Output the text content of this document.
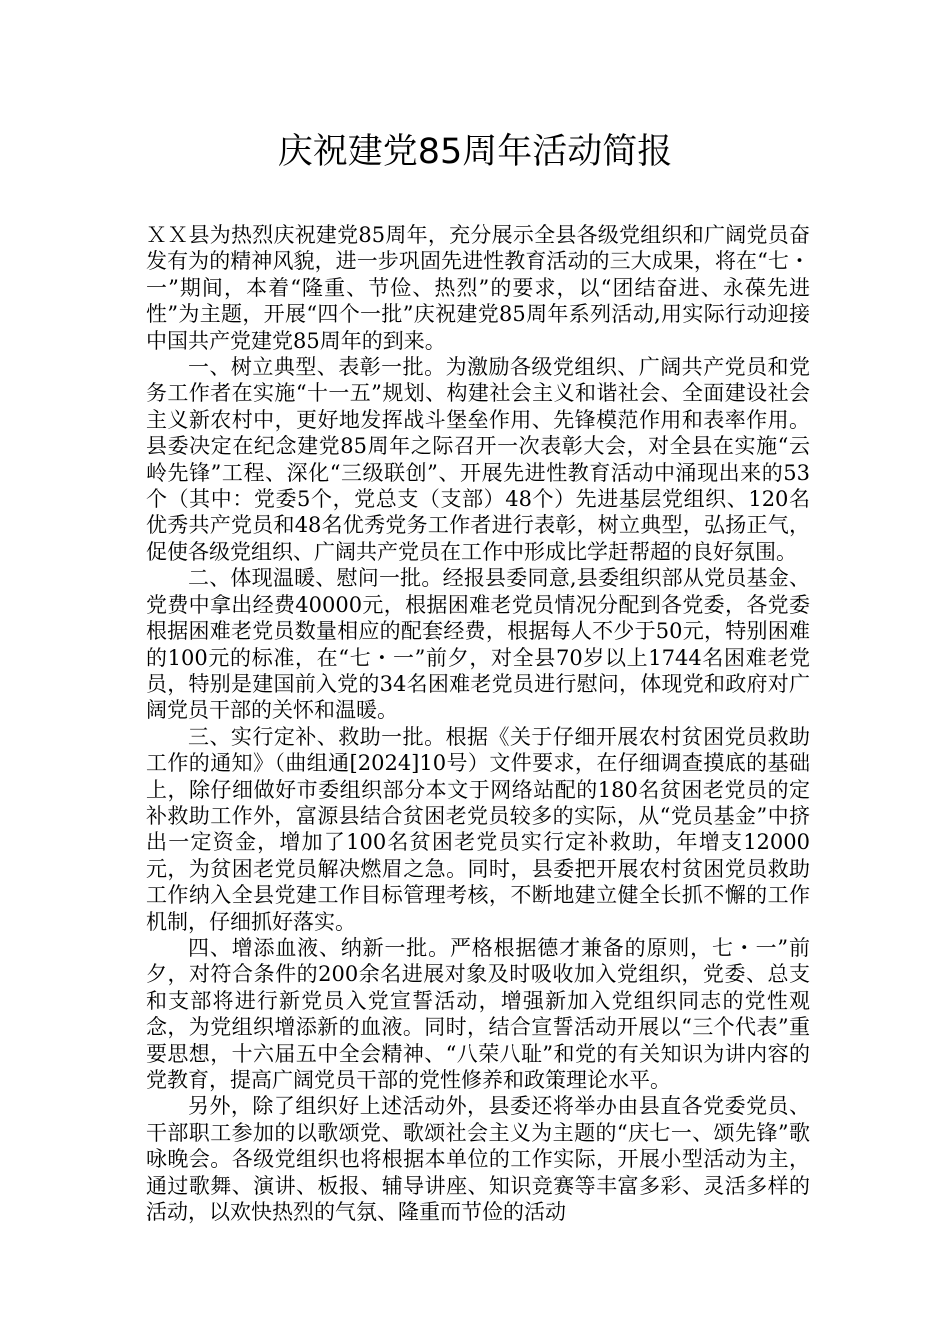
庆祝建党85周年活动简报

ＸＸ县为热烈庆祝建党85周年，充分展示全县各级党组织和广阔党员奋发有为的精神风貌，进一步巩固先进性教育活动的三大成果，将在“七・一”期间，本着“隆重、节俭、热烈”的要求，以“团结奋进、永葆先进性”为主题，开展“四个一批”庆祝建党85周年系列活动,用实际行动迎接中国共产党建党85周年的到来。

一、树立典型、表彰一批。为激励各级党组织、广阔共产党员和党务工作者在实施“十一五”规划、构建社会主义和谐社会、全面建设社会主义新农村中，更好地发挥战斗堡垒作用、先锋模范作用和表率作用。县委决定在纪念建党85周年之际召开一次表彰大会，对全县在实施“云岭先锋”工程、深化“三级联创”、开展先进性教育活动中涌现出来的53个（其中：党委5个，党总支（支部）48个）先进基层党组织、120名优秀共产党员和48名优秀党务工作者进行表彰，树立典型，弘扬正气，促使各级党组织、广阔共产党员在工作中形成比学赶帮超的良好氛围。

二、体现温暖、慰问一批。经报县委同意,县委组织部从党员基金、党费中拿出经费40000元，根据困难老党员情况分配到各党委，各党委根据困难老党员数量相应的配套经费，根据每人不少于50元，特别困难的100元的标准，在“七・一”前夕，对全县70岁以上1744名困难老党员，特别是建国前入党的34名困难老党员进行慰问，体现党和政府对广阔党员干部的关怀和温暖。

三、实行定补、救助一批。根据《关于仔细开展农村贫困党员救助工作的通知》（曲组通[2024]10号）文件要求，在仔细调查摸底的基础上，除仔细做好市委组织部分本文于网络站配的180名贫困老党员的定补救助工作外，富源县结合贫困老党员较多的实际，从“党员基金”中挤出一定资金，增加了100名贫困老党员实行定补救助，年增支12000元，为贫困老党员解决燃眉之急。同时，县委把开展农村贫困党员救助工作纳入全县党建工作目标管理考核，不断地建立健全长抓不懈的工作机制，仔细抓好落实。

四、增添血液、纳新一批。严格根据德才兼备的原则，七・一”前夕，对符合条件的200余名进展对象及时吸收加入党组织，党委、总支和支部将进行新党员入党宣誓活动，增强新加入党组织同志的党性观念，为党组织增添新的血液。同时，结合宣誓活动开展以“三个代表”重要思想，十六届五中全会精神、“八荣八耻”和党的有关知识为讲内容的党教育，提高广阔党员干部的党性修养和政策理论水平。

另外，除了组织好上述活动外，县委还将举办由县直各党委党员、干部职工参加的以歌颂党、歌颂社会主义为主题的“庆七一、颂先锋”歌咏晚会。各级党组织也将根据本单位的工作实际，开展小型活动为主，通过歌舞、演讲、板报、辅导讲座、知识竞赛等丰富多彩、灵活多样的活动，以欢快热烈的气氛、隆重而节俭的活动
